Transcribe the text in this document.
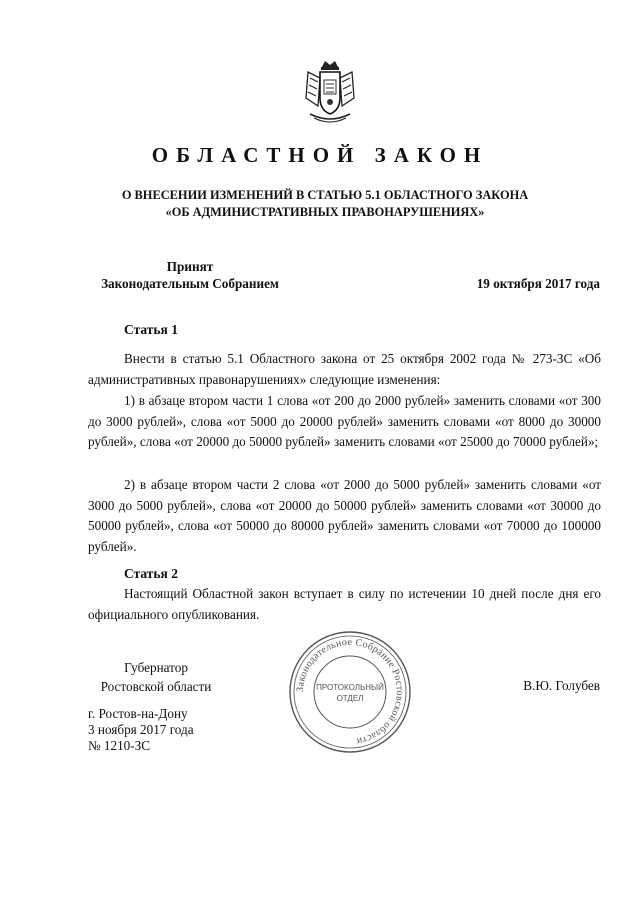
ОБЛАСТНОЙ ЗАКОН
О ВНЕСЕНИИ ИЗМЕНЕНИЙ В СТАТЬЮ 5.1 ОБЛАСТНОГО ЗАКОНА
«ОБ АДМИНИСТРАТИВНЫХ ПРАВОНАРУШЕНИЯХ»
Принят
Законодательным Собранием	19 октября 2017 года
Статья 1

Внести в статью 5.1 Областного закона от 25 октября 2002 года № 273-ЗС «Об административных правонарушениях» следующие изменения:

1) в абзаце втором части 1 слова «от 200 до 2000 рублей» заменить словами «от 300 до 3000 рублей», слова «от 5000 до 20000 рублей» заменить словами «от 8000 до 30000 рублей», слова «от 20000 до 50000 рублей» заменить словами «от 25000 до 70000 рублей»;

2) в абзаце втором части 2 слова «от 2000 до 5000 рублей» заменить словами «от 3000 до 5000 рублей», слова «от 20000 до 50000 рублей» заменить словами «от 30000 до 50000 рублей», слова «от 50000 до 80000 рублей» заменить словами «от 70000 до 100000 рублей».

Статья 2

Настоящий Областной закон вступает в силу по истечении 10 дней после дня его официального опубликования.

Губернатор
Ростовской области	В.Ю. Голубев
г. Ростов-на-Дону
3 ноября 2017 года
№ 1210-ЗС
Законодательное Собрание Ростовской области
ПРОТОКОЛЬНЫЙ
ОТДЕЛ
